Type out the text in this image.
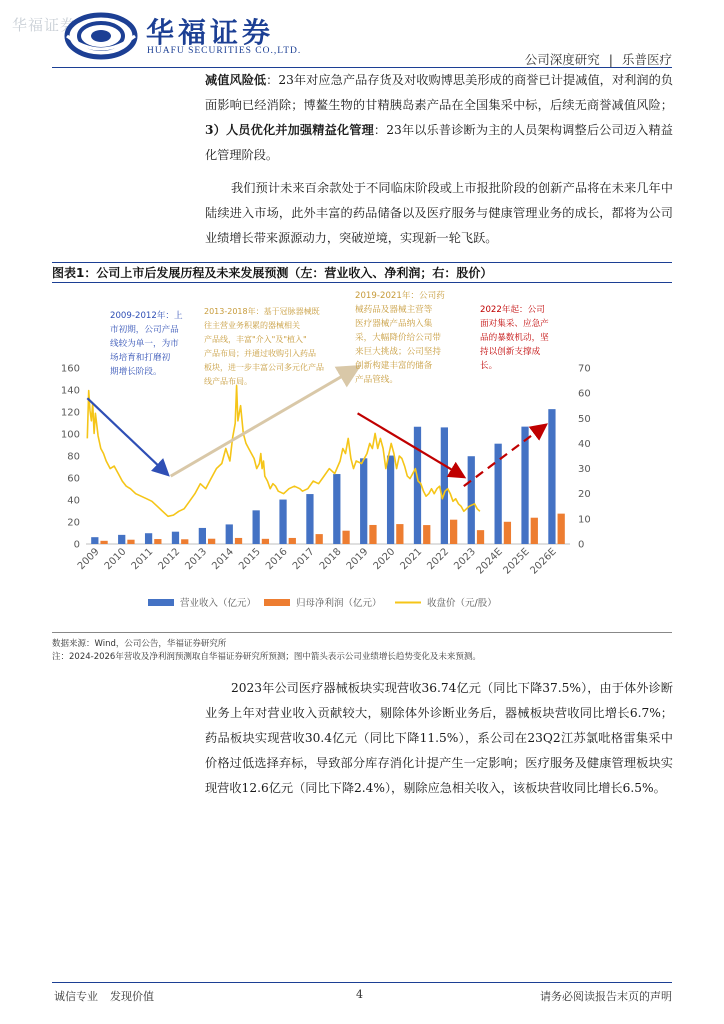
华福证券 华福证券
HUAFU SECURITIES CO.,LTD.
公司深度研究 | 乐普医疗
减值风险低：23年对应急产品存货及对收购博思美形成的商誉已计提减值，对利润的负面影响已经消除；博鳌生物的甘精胰岛素产品在全国集采中标，后续无商誉减值风险；3）人员优化并加强精益化管理：23年以乐普诊断为主的人员架构调整后公司迈入精益化管理阶段。
我们预计未来百余款处于不同临床阶段或上市报批阶段的创新产品将在未来几年中陆续进入市场，此外丰富的药品储备以及医疗服务与健康管理业务的成长，都将为公司业绩增长带来源源动力，突破逆境，实现新一轮飞跃。
图表1：公司上市后发展历程及未来发展预测（左：营业收入、净利润；右：股价）
0
20
40
60
80
100
120
140
160
0
10
20
30
40
50
60
70
2009 2010 2011 2012 2013 2014 2015 2016 2017 2018 2019 2020 2021 2022 2023
2024E
2025E
2026E
2009-2012年：上
市初期，公司产品
线较为单一，为市
场培育和打磨初
期增长阶段。
2013-2018年：基于冠脉器械既
往主营业务积累的器械相关
产品线，丰富"介入"及"植入"
产品布局；并通过收购引入药品
板块，进一步丰富公司多元化产品
线产品布局。
2019-2021年：公司药
械药品及器械主营等
医疗器械产品纳入集
采，大幅降价给公司带
来巨大挑战；公司坚持
创新构建丰富的储备
产品管线。
2022年起：公司
面对集采、应急产
品的暴数机动，坚
持以创新支撑成
长。
营业收入（亿元）	归母净利润（亿元）	收盘价（元/股）
数据来源：Wind，公司公告，华福证券研究所
注：2024-2026年营收及净利润预测取自华福证券研究所预测；图中箭头表示公司业绩增长趋势变化及未来预测。
2023年公司医疗器械板块实现营收36.74亿元（同比下降37.5%），由于体外诊断业务上年对营业收入贡献较大，剔除体外诊断业务后，器械板块营收同比增长6.7%；药品板块实现营收30.4亿元（同比下降11.5%），系公司在23Q2江苏氯吡格雷集采中价格过低选择弃标，导致部分库存消化计提产生一定影响；医疗服务及健康管理板块实现营收12.6亿元（同比下降2.4%），剔除应急相关收入，该板块营收同比增长6.5%。
诚信专业 发现价值	4	请务必阅读报告末页的声明
